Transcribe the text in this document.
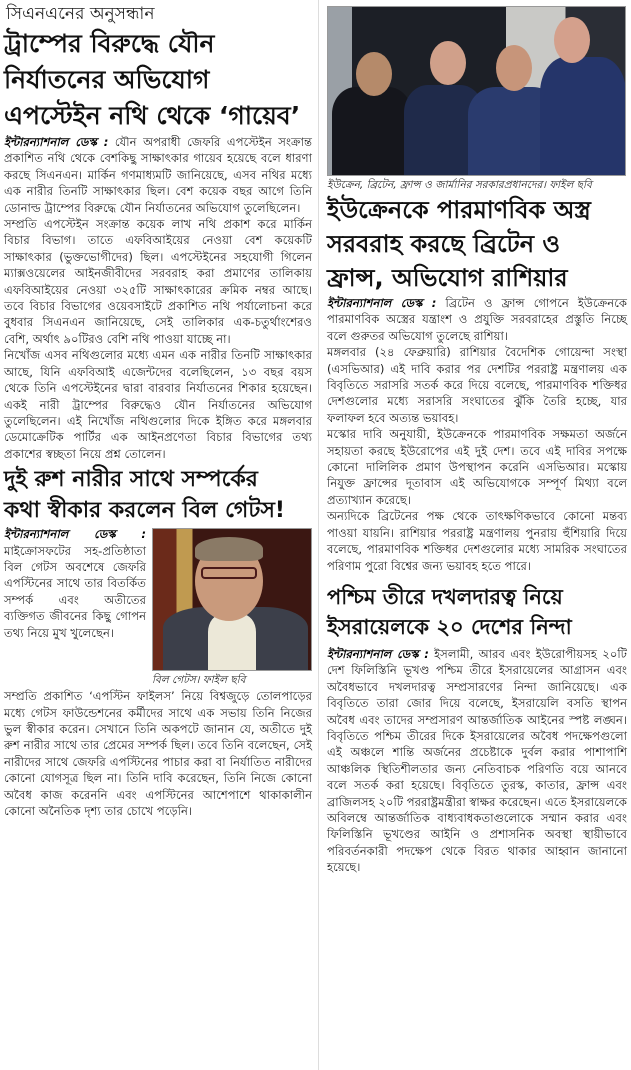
সিএনএনের অনুসন্ধান
ট্রাম্পের বিরুদ্ধে যৌন
নির্যাতনের অভিযোগ
এপস্টেইন নথি থেকে ‘গায়েব’

ইন্টারন্যাশনাল ডেস্ক : যৌন অপরাধী জেফরি এপস্টেইন সংক্রান্ত প্রকাশিত নথি থেকে বেশকিছু সাক্ষাৎকার গায়েব হয়েছে বলে ধারণা করছে সিএনএন। মার্কিন গণমাধ্যমটি জানিয়েছে, এসব নথির মধ্যে এক নারীর তিনটি সাক্ষাৎকার ছিল। বেশ কয়েক বছর আগে তিনি ডোনাল্ড ট্রাম্পের বিরুদ্ধে যৌন নির্যাতনের অভিযোগ তুলেছিলেন।

সম্প্রতি এপস্টেইন সংক্রান্ত কয়েক লাখ নথি প্রকাশ করে মার্কিন বিচার বিভাগ। তাতে এফবিআইয়ের নেওয়া বেশ কয়েকটি সাক্ষাৎকার (ভুক্তভোগীদের) ছিল। এপস্টেইনের সহযোগী গিলেন ম্যাক্সওয়েলের আইনজীবীদের সরবরাহ করা প্রমাণের তালিকায় এফবিআইয়ের নেওয়া ৩২৫টি সাক্ষাৎকারের ক্রমিক নম্বর আছে। তবে বিচার বিভাগের ওয়েবসাইটে প্রকাশিত নথি পর্যালোচনা করে বুধবার সিএনএন জানিয়েছে, সেই তালিকার এক-চতুর্থাংশেরও বেশি, অর্থাৎ ৯০টিরও বেশি নথি পাওয়া যাচ্ছে না।

নিখোঁজ এসব নথিগুলোর মধ্যে এমন এক নারীর তিনটি সাক্ষাৎকার আছে, যিনি এফবিআই এজেন্টদের বলেছিলেন, ১৩ বছর বয়স থেকে তিনি এপস্টেইনের দ্বারা বারবার নির্যাতনের শিকার হয়েছেন। একই নারী ট্রাম্পের বিরুদ্ধেও যৌন নির্যাতনের অভিযোগ তুলেছিলেন। এই নিখোঁজ নথিগুলোর দিকে ইঙ্গিত করে মঙ্গলবার ডেমোক্রেটিক পার্টির এক আইনপ্রণেতা বিচার বিভাগের তথ্য প্রকাশের স্বচ্ছতা নিয়ে প্রশ্ন তোলেন।

দুই রুশ নারীর সাথে সম্পর্কের
কথা স্বীকার করলেন বিল গেটস!
বিল গেটস। ফাইল ছবি

ইন্টারন্যাশনাল ডেস্ক : মাইক্রোসফটের সহ-প্রতিষ্ঠাতা বিল গেটস অবশেষে জেফরি এপস্টিনের সাথে তার বিতর্কিত সম্পর্ক এবং অতীতের ব্যক্তিগত জীবনের কিছু গোপন তথ্য নিয়ে মুখ খুলেছেন।

সম্প্রতি প্রকাশিত ‘এপস্টিন ফাইলস’ নিয়ে বিশ্বজুড়ে তোলপাড়ের মধ্যে গেটস ফাউন্ডেশনের কর্মীদের সাথে এক সভায় তিনি নিজের ভুল স্বীকার করেন। সেখানে তিনি অকপটে জানান যে, অতীতে দুই রুশ নারীর সাথে তার প্রেমের সম্পর্ক ছিল। তবে তিনি বলেছেন, সেই নারীদের সাথে জেফরি এপস্টিনের পাচার করা বা নির্যাতিত নারীদের কোনো যোগসূত্র ছিল না। তিনি দাবি করেছেন, তিনি নিজে কোনো অবৈধ কাজ করেননি এবং এপস্টিনের আশেপাশে থাকাকালীন কোনো অনৈতিক দৃশ্য তার চোখে পড়েনি।

ইউক্রেন, ব্রিটেন, ফ্রান্স ও জার্মানির সরকারপ্রধানদের। ফাইল ছবি
ইউক্রেনকে পারমাণবিক অস্ত্র
সরবরাহ করছে ব্রিটেন ও
ফ্রান্স, অভিযোগ রাশিয়ার

ইন্টারন্যাশনাল ডেস্ক : ব্রিটেন ও ফ্রান্স গোপনে ইউক্রেনকে পারমাণবিক অস্ত্রের যন্ত্রাংশ ও প্রযুক্তি সরবরাহের প্রস্তুতি নিচ্ছে বলে গুরুতর অভিযোগ তুলেছে রাশিয়া।

মঙ্গলবার (২৪ ফেব্রুয়ারি) রাশিয়ার বৈদেশিক গোয়েন্দা সংস্থা (এসভিআর) এই দাবি করার পর দেশটির পররাষ্ট্র মন্ত্রণালয় এক বিবৃতিতে সরাসরি সতর্ক করে দিয়ে বলেছে, পারমাণবিক শক্তিধর দেশগুলোর মধ্যে সরাসরি সংঘাতের ঝুঁকি তৈরি হচ্ছে, যার ফলাফল হবে অত্যন্ত ভয়াবহ।

মস্কোর দাবি অনুযায়ী, ইউক্রেনকে পারমাণবিক সক্ষমতা অর্জনে সহায়তা করছে ইউরোপের এই দুই দেশ। তবে এই দাবির সপক্ষে কোনো দালিলিক প্রমাণ উপস্থাপন করেনি এসভিআর। মস্কোয় নিযুক্ত ফ্রান্সের দূতাবাস এই অভিযোগকে সম্পূর্ণ মিথ্যা বলে প্রত্যাখ্যান করেছে।

অন্যদিকে ব্রিটেনের পক্ষ থেকে তাৎক্ষণিকভাবে কোনো মন্তব্য পাওয়া যায়নি। রাশিয়ার পররাষ্ট্র মন্ত্রণালয় পুনরায় হুঁশিয়ারি দিয়ে বলেছে, পারমাণবিক শক্তিধর দেশগুলোর মধ্যে সামরিক সংঘাতের পরিণাম পুরো বিশ্বের জন্য ভয়াবহ হতে পারে।

পশ্চিম তীরে দখলদারত্ব নিয়ে
ইসরায়েলকে ২০ দেশের নিন্দা

ইন্টারন্যাশনাল ডেস্ক : ইসলামী, আরব এবং ইউরোপীয়সহ ২০টি দেশ ফিলিস্তিনি ভূখণ্ড পশ্চিম তীরে ইসরায়েলের আগ্রাসন এবং অবৈধভাবে দখলদারত্ব সম্প্রসারণের নিন্দা জানিয়েছে। এক বিবৃতিতে তারা জোর দিয়ে বলেছে, ইসরায়েলি বসতি স্থাপন অবৈধ এবং তাদের সম্প্রসারণ আন্তর্জাতিক আইনের স্পষ্ট লঙ্ঘন। বিবৃতিতে পশ্চিম তীরের দিকে ইসরায়েলের অবৈধ পদক্ষেপগুলো এই অঞ্চলে শান্তি অর্জনের প্রচেষ্টাকে দুর্বল করার পাশাপাশি আঞ্চলিক স্থিতিশীলতার জন্য নেতিবাচক পরিণতি বয়ে আনবে বলে সতর্ক করা হয়েছে। বিবৃতিতে তুরস্ক, কাতার, ফ্রান্স এবং ব্রাজিলসহ ২০টি পররাষ্ট্রমন্ত্রীরা স্বাক্ষর করেছেন। এতে ইসরায়েলকে অবিলম্বে আন্তর্জাতিক বাধ্যবাধকতাগুলোকে সম্মান করার এবং ফিলিস্তিনি ভূখণ্ডের আইনি ও প্রশাসনিক অবস্থা স্থায়ীভাবে পরিবর্তনকারী পদক্ষেপ থেকে বিরত থাকার আহ্বান জানানো হয়েছে।
